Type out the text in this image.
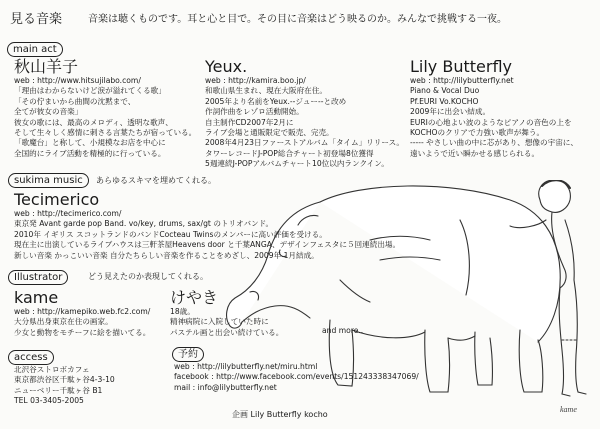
見る音楽	音楽は聴くものです。耳と心と目で。その目に音楽はどう映るのか。みんなで挑戦する一夜。
main act
秋山羊子

web : http://www.hitsujilabo.com/

「理由はわからないけど涙が溢れてくる歌」

「その佇まいから曲間の沈黙まで、

全てが彼女の音楽」

彼女の歌には、最高のメロディ、透明な歌声、

そして生々しく感情に刺さる言葉たちが宿っている。

「歌魔台」と称して、小規模なお店を中心に

全国的にライブ活動を精極的に行っている。

Yeux.

web : http://kamira.boo.jp/

和歌山県生まれ、現在大阪府在住。

2005年より名前をYeux.--ジュー--と改め

作詞作曲をレゾロ活動開始。

自主制作CD2007年2月に

ライブ会場と通販限定で販売、完売。

2008年4月23日ファーストアルバム「タイム」リリース。

タワーレコードJ-POP総合チャート初登場8位獲得

5週連続J-POPアルバムチャート10位以内ランクイン。

Lily Butterfly

web : http://lilybutterfly.net

Piano & Vocal Duo

Pf.EURI Vo.KOCHO

2009年に出会い結成。

EURIの心地よい波のようなピアノの音色の上を

KOCHOのクリアで力強い歌声が舞う。

----- やさしい曲の中に芯があり、想像の宇宙に、

遠いようで近い瞬かせる感じられる。

kame
sukima music	あらゆるスキマを埋めてくれる。
Tecimerico

web : http://tecimerico.com/

東京発 Avant garde pop Band. vo/key, drums, sax/gt のトリオバンド。

2010年 イギリス スコットランドのバンドCocteau Twinsのメンバーに高い評価を受ける。

現在主に出演しているライブハウスは三軒茶屋Heavens door と千葉ANGA、デザインフェスタに５回連続出場。

新しい音楽 かっこいい音楽 自分たちらしい音楽を作ることをめざし、2009年 1月結成。

Illustrator	どう見えたのか表現してくれる。
kame

web : http://kamepiko.web.fc2.com/

大分県出身東京在住の画家。

少女と動物をモチーフに絵を描いてる。

けやき

18歳。

精神病院に入院していた時に

パステル画と出会い続けている。	and more..
access

北沢谷ストロボカフェ

東京都渋谷区千駄ヶ谷4-3-10

ニューベリー千駄ヶ谷 B1

TEL 03-3405-2005

予約

web : http://lilybutterfly.net/miru.html

facebook : http://www.facebook.com/events/151243338347069/

mail : info@lilybutterfly.net

企画 Lily Butterfly kocho
